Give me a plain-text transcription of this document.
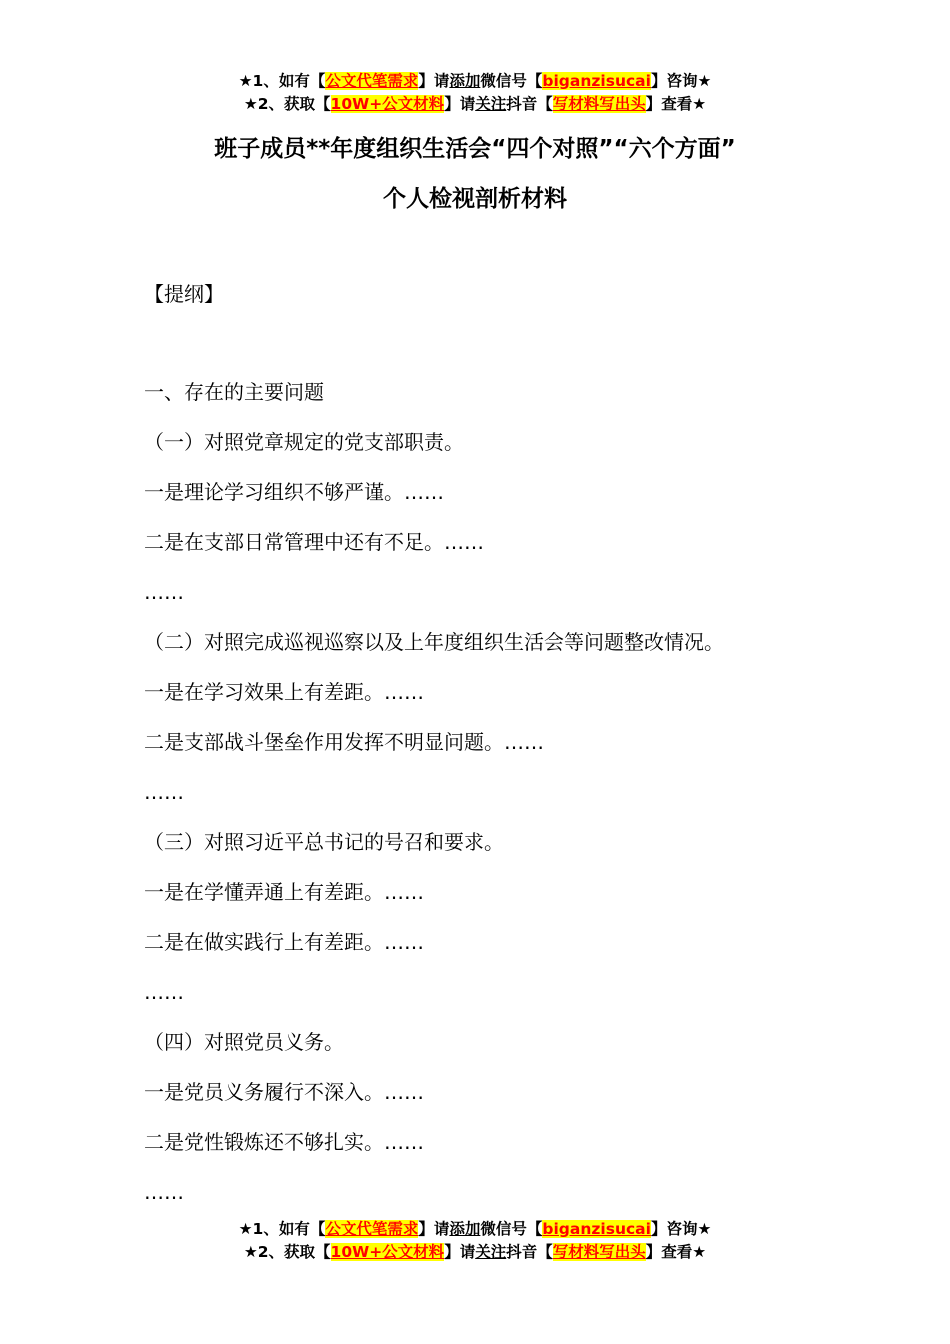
★1、如有【公文代笔需求】请添加微信号【biganzisucai】咨询★
★2、获取【10W+公文材料】请关注抖音【写材料写出头】查看★
班子成员**年度组织生活会“四个对照”“六个方面”
个人检视剖析材料
【提纲】
一、存在的主要问题
（一）对照党章规定的党支部职责。
一是理论学习组织不够严谨。……
二是在支部日常管理中还有不足。……
……
（二）对照完成巡视巡察以及上年度组织生活会等问题整改情况。
一是在学习效果上有差距。……
二是支部战斗堡垒作用发挥不明显问题。……
……
（三）对照习近平总书记的号召和要求。
一是在学懂弄通上有差距。……
二是在做实践行上有差距。……
……
（四）对照党员义务。
一是党员义务履行不深入。……
二是党性锻炼还不够扎实。……
……
★1、如有【公文代笔需求】请添加微信号【biganzisucai】咨询★
★2、获取【10W+公文材料】请关注抖音【写材料写出头】查看★
